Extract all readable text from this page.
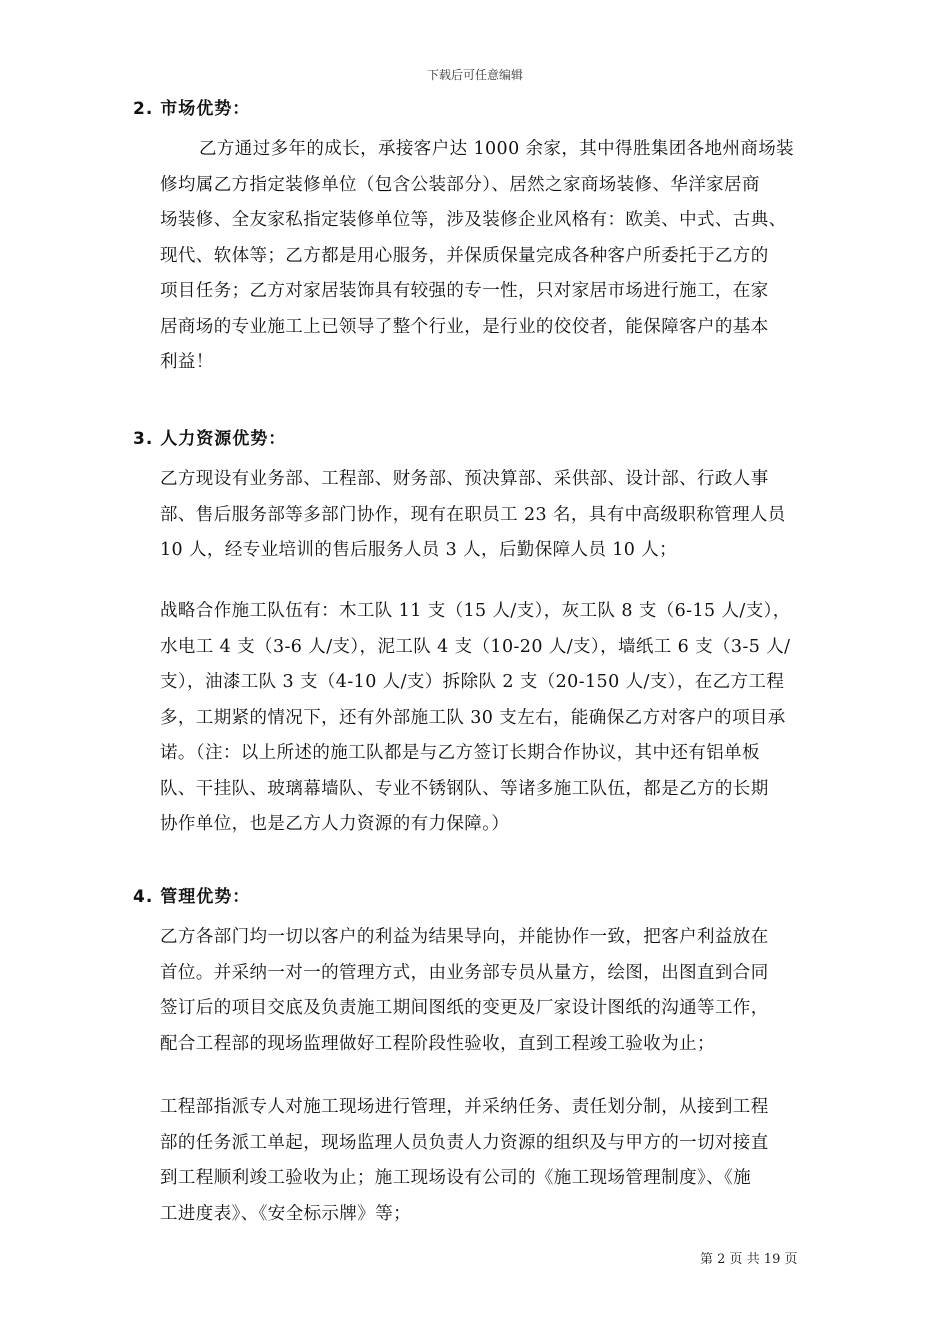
下载后可任意编辑
2. 市场优势：
乙方通过多年的成长，承接客户达 1000 余家，其中得胜集团各地州商场装
修均属乙方指定装修单位（包含公装部分）、居然之家商场装修、华洋家居商
场装修、全友家私指定装修单位等，涉及装修企业风格有：欧美、中式、古典、
现代、软体等；乙方都是用心服务，并保质保量完成各种客户所委托于乙方的
项目任务；乙方对家居装饰具有较强的专一性，只对家居市场进行施工，在家
居商场的专业施工上已领导了整个行业，是行业的佼佼者，能保障客户的基本
利益！
3. 人力资源优势：
乙方现设有业务部、工程部、财务部、预决算部、采供部、设计部、行政人事
部、售后服务部等多部门协作，现有在职员工 23 名，具有中高级职称管理人员
10 人，经专业培训的售后服务人员 3 人，后勤保障人员 10 人；
战略合作施工队伍有：木工队 11 支（15 人/支），灰工队 8 支（6-15 人/支），
水电工 4 支（3-6 人/支），泥工队 4 支（10-20 人/支），墙纸工 6 支（3-5 人/
支），油漆工队 3 支（4-10 人/支）拆除队 2 支（20-150 人/支），在乙方工程
多，工期紧的情况下，还有外部施工队 30 支左右，能确保乙方对客户的项目承
诺。（注：以上所述的施工队都是与乙方签订长期合作协议，其中还有铝单板
队、干挂队、玻璃幕墙队、专业不锈钢队、等诸多施工队伍，都是乙方的长期
协作单位，也是乙方人力资源的有力保障。）
4. 管理优势：
乙方各部门均一切以客户的利益为结果导向，并能协作一致，把客户利益放在
首位。并采纳一对一的管理方式，由业务部专员从量方，绘图，出图直到合同
签订后的项目交底及负责施工期间图纸的变更及厂家设计图纸的沟通等工作，
配合工程部的现场监理做好工程阶段性验收，直到工程竣工验收为止；
工程部指派专人对施工现场进行管理，并采纳任务、责任划分制，从接到工程
部的任务派工单起，现场监理人员负责人力资源的组织及与甲方的一切对接直
到工程顺利竣工验收为止；施工现场设有公司的《施工现场管理制度》、《施
工进度表》、《安全标示牌》等；
第 2 页 共 19 页
